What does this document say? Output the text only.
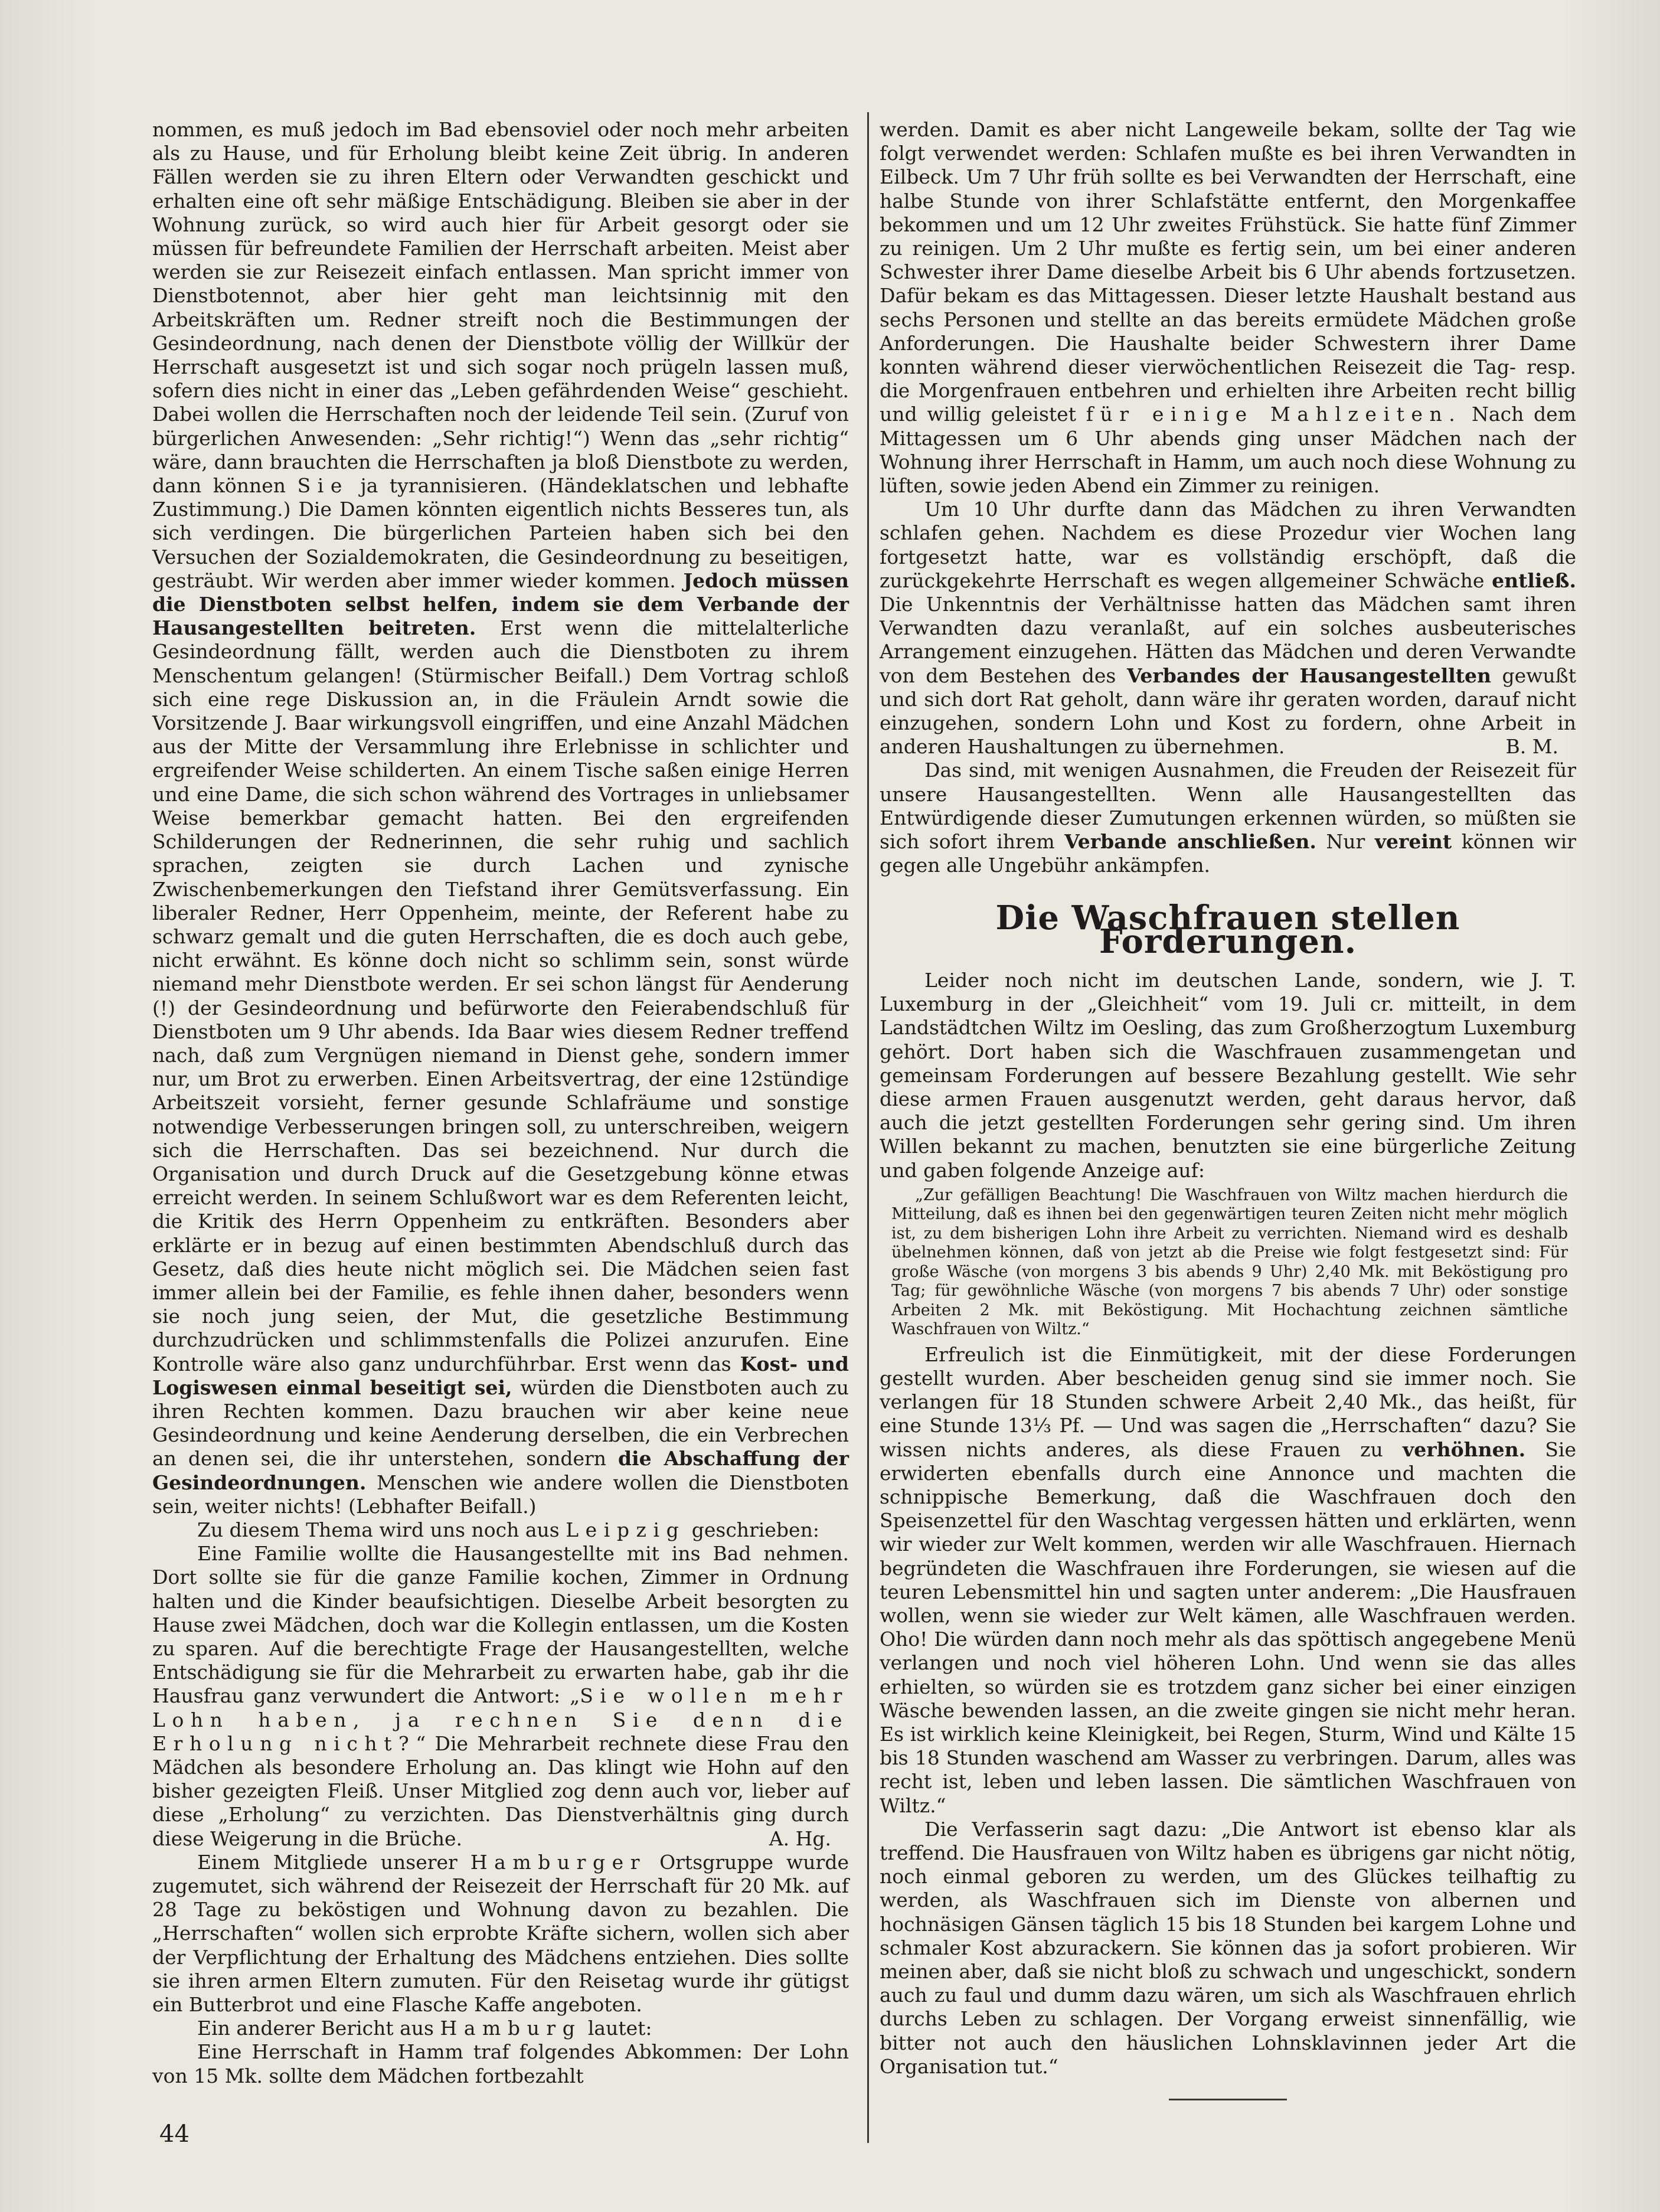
nommen, es muß jedoch im Bad ebensoviel oder noch mehr arbeiten als zu Hause, und für Erholung bleibt keine Zeit übrig. In anderen Fällen werden sie zu ihren Eltern oder Verwandten geschickt und erhalten eine oft sehr mäßige Entschädigung. Bleiben sie aber in der Wohnung zurück, so wird auch hier für Arbeit gesorgt oder sie müssen für befreundete Familien der Herrschaft arbeiten. Meist aber werden sie zur Reisezeit einfach entlassen. Man spricht immer von Dienstbotennot, aber hier geht man leichtsinnig mit den Arbeitskräften um. Redner streift noch die Bestimmungen der Gesindeordnung, nach denen der Dienstbote völlig der Willkür der Herrschaft ausgesetzt ist und sich sogar noch prügeln lassen muß, sofern dies nicht in einer das „Leben gefährdenden Weise“ geschieht. Dabei wollen die Herrschaften noch der leidende Teil sein. (Zuruf von bürgerlichen Anwesenden: „Sehr richtig!“) Wenn das „sehr richtig“ wäre, dann brauchten die Herrschaften ja bloß Dienstbote zu werden, dann können Sie ja tyrannisieren. (Händeklatschen und lebhafte Zustimmung.) Die Damen könnten eigentlich nichts Besseres tun, als sich verdingen. Die bürgerlichen Parteien haben sich bei den Versuchen der Sozialdemokraten, die Gesindeordnung zu beseitigen, gesträubt. Wir werden aber immer wieder kommen. Jedoch müssen die Dienstboten selbst helfen, indem sie dem Verbande der Hausangestellten beitreten. Erst wenn die mittelalterliche Gesindeordnung fällt, werden auch die Dienstboten zu ihrem Menschentum gelangen! (Stürmischer Beifall.) Dem Vortrag schloß sich eine rege Diskussion an, in die Fräulein Arndt sowie die Vorsitzende J. Baar wirkungsvoll eingriffen, und eine Anzahl Mädchen aus der Mitte der Versammlung ihre Erlebnisse in schlichter und ergreifender Weise schilderten. An einem Tische saßen einige Herren und eine Dame, die sich schon während des Vortrages in unliebsamer Weise bemerkbar gemacht hatten. Bei den ergreifenden Schilderungen der Rednerinnen, die sehr ruhig und sachlich sprachen, zeigten sie durch Lachen und zynische Zwischenbemerkungen den Tiefstand ihrer Gemütsverfassung. Ein liberaler Redner, Herr Oppenheim, meinte, der Referent habe zu schwarz gemalt und die guten Herrschaften, die es doch auch gebe, nicht erwähnt. Es könne doch nicht so schlimm sein, sonst würde niemand mehr Dienstbote werden. Er sei schon längst für Aenderung (!) der Gesindeordnung und befürworte den Feierabendschluß für Dienstboten um 9 Uhr abends. Ida Baar wies diesem Redner treffend nach, daß zum Vergnügen niemand in Dienst gehe, sondern immer nur, um Brot zu erwerben. Einen Arbeitsvertrag, der eine 12stündige Arbeitszeit vorsieht, ferner gesunde Schlafräume und sonstige notwendige Verbesserungen bringen soll, zu unterschreiben, weigern sich die Herrschaften. Das sei bezeichnend. Nur durch die Organisation und durch Druck auf die Gesetzgebung könne etwas erreicht werden. In seinem Schlußwort war es dem Referenten leicht, die Kritik des Herrn Oppenheim zu entkräften. Besonders aber erklärte er in bezug auf einen bestimmten Abendschluß durch das Gesetz, daß dies heute nicht möglich sei. Die Mädchen seien fast immer allein bei der Familie, es fehle ihnen daher, besonders wenn sie noch jung seien, der Mut, die gesetzliche Bestimmung durchzudrücken und schlimmstenfalls die Polizei anzurufen. Eine Kontrolle wäre also ganz undurchführbar. Erst wenn das Kost- und Logiswesen einmal beseitigt sei, würden die Dienstboten auch zu ihren Rechten kommen. Dazu brauchen wir aber keine neue Gesindeordnung und keine Aenderung derselben, die ein Verbrechen an denen sei, die ihr unterstehen, sondern die Abschaffung der Gesindeordnungen. Menschen wie andere wollen die Dienstboten sein, weiter nichts! (Lebhafter Beifall.)

Zu diesem Thema wird uns noch aus Leipzig geschrieben:

Eine Familie wollte die Hausangestellte mit ins Bad nehmen. Dort sollte sie für die ganze Familie kochen, Zimmer in Ordnung halten und die Kinder beaufsichtigen. Dieselbe Arbeit besorgten zu Hause zwei Mädchen, doch war die Kollegin entlassen, um die Kosten zu sparen. Auf die berechtigte Frage der Hausangestellten, welche Entschädigung sie für die Mehrarbeit zu erwarten habe, gab ihr die Hausfrau ganz verwundert die Antwort: „Sie wollen mehr Lohn haben, ja rechnen Sie denn die Erholung nicht?“ Die Mehrarbeit rechnete diese Frau den Mädchen als besondere Erholung an. Das klingt wie Hohn auf den bisher gezeigten Fleiß. Unser Mitglied zog denn auch vor, lieber auf diese „Erholung“ zu verzichten. Das Dienstverhältnis ging durch diese Weigerung in die Brüche.	A. Hg.

Einem Mitgliede unserer Hamburger Ortsgruppe wurde zugemutet, sich während der Reisezeit der Herrschaft für 20 Mk. auf 28 Tage zu beköstigen und Wohnung davon zu bezahlen. Die „Herrschaften“ wollen sich erprobte Kräfte sichern, wollen sich aber der Verpflichtung der Erhaltung des Mädchens entziehen. Dies sollte sie ihren armen Eltern zumuten. Für den Reisetag wurde ihr gütigst ein Butterbrot und eine Flasche Kaffe angeboten.

Ein anderer Bericht aus Hamburg lautet:

Eine Herrschaft in Hamm traf folgendes Abkommen: Der Lohn von 15 Mk. sollte dem Mädchen fortbezahlt

werden. Damit es aber nicht Langeweile bekam, sollte der Tag wie folgt verwendet werden: Schlafen mußte es bei ihren Verwandten in Eilbeck. Um 7 Uhr früh sollte es bei Verwandten der Herrschaft, eine halbe Stunde von ihrer Schlafstätte entfernt, den Morgenkaffee bekommen und um 12 Uhr zweites Frühstück. Sie hatte fünf Zimmer zu reinigen. Um 2 Uhr mußte es fertig sein, um bei einer anderen Schwester ihrer Dame dieselbe Arbeit bis 6 Uhr abends fortzusetzen. Dafür bekam es das Mittagessen. Dieser letzte Haushalt bestand aus sechs Personen und stellte an das bereits ermüdete Mädchen große Anforderungen. Die Haushalte beider Schwestern ihrer Dame konnten während dieser vierwöchentlichen Reisezeit die Tag- resp. die Morgenfrauen entbehren und erhielten ihre Arbeiten recht billig und willig geleistet für einige Mahlzeiten. Nach dem Mittagessen um 6 Uhr abends ging unser Mädchen nach der Wohnung ihrer Herrschaft in Hamm, um auch noch diese Wohnung zu lüften, sowie jeden Abend ein Zimmer zu reinigen.

Um 10 Uhr durfte dann das Mädchen zu ihren Verwandten schlafen gehen. Nachdem es diese Prozedur vier Wochen lang fortgesetzt hatte, war es vollständig erschöpft, daß die zurückgekehrte Herrschaft es wegen allgemeiner Schwäche entließ. Die Unkenntnis der Verhältnisse hatten das Mädchen samt ihren Verwandten dazu veranlaßt, auf ein solches ausbeuterisches Arrangement einzugehen. Hätten das Mädchen und deren Verwandte von dem Bestehen des Verbandes der Hausangestellten gewußt und sich dort Rat geholt, dann wäre ihr geraten worden, darauf nicht einzugehen, sondern Lohn und Kost zu fordern, ohne Arbeit in anderen Haushaltungen zu übernehmen.	B. M.

Das sind, mit wenigen Ausnahmen, die Freuden der Reisezeit für unsere Hausangestellten. Wenn alle Hausangestellten das Entwürdigende dieser Zumutungen erkennen würden, so müßten sie sich sofort ihrem Verbande anschließen. Nur vereint können wir gegen alle Ungebühr ankämpfen.

Die Waschfrauen stellen Forderungen.

Leider noch nicht im deutschen Lande, sondern, wie J. T. Luxemburg in der „Gleichheit“ vom 19. Juli cr. mitteilt, in dem Landstädtchen Wiltz im Oesling, das zum Großherzogtum Luxemburg gehört. Dort haben sich die Waschfrauen zusammengetan und gemeinsam Forderungen auf bessere Bezahlung gestellt. Wie sehr diese armen Frauen ausgenutzt werden, geht daraus hervor, daß auch die jetzt gestellten Forderungen sehr gering sind. Um ihren Willen bekannt zu machen, benutzten sie eine bürgerliche Zeitung und gaben folgende Anzeige auf:

„Zur gefälligen Beachtung! Die Waschfrauen von Wiltz machen hierdurch die Mitteilung, daß es ihnen bei den gegenwärtigen teuren Zeiten nicht mehr möglich ist, zu dem bisherigen Lohn ihre Arbeit zu verrichten. Niemand wird es deshalb übelnehmen können, daß von jetzt ab die Preise wie folgt festgesetzt sind: Für große Wäsche (von morgens 3 bis abends 9 Uhr) 2,40 Mk. mit Beköstigung pro Tag; für gewöhnliche Wäsche (von morgens 7 bis abends 7 Uhr) oder sonstige Arbeiten 2 Mk. mit Beköstigung. Mit Hochachtung zeichnen sämtliche Waschfrauen von Wiltz.“

Erfreulich ist die Einmütigkeit, mit der diese Forderungen gestellt wurden. Aber bescheiden genug sind sie immer noch. Sie verlangen für 18 Stunden schwere Arbeit 2,40 Mk., das heißt, für eine Stunde 13⅓ Pf. — Und was sagen die „Herrschaften“ dazu? Sie wissen nichts anderes, als diese Frauen zu verhöhnen. Sie erwiderten ebenfalls durch eine Annonce und machten die schnippische Bemerkung, daß die Waschfrauen doch den Speisenzettel für den Waschtag vergessen hätten und erklärten, wenn wir wieder zur Welt kommen, werden wir alle Waschfrauen. Hiernach begründeten die Waschfrauen ihre Forderungen, sie wiesen auf die teuren Lebensmittel hin und sagten unter anderem: „Die Hausfrauen wollen, wenn sie wieder zur Welt kämen, alle Waschfrauen werden. Oho! Die würden dann noch mehr als das spöttisch angegebene Menü verlangen und noch viel höheren Lohn. Und wenn sie das alles erhielten, so würden sie es trotzdem ganz sicher bei einer einzigen Wäsche bewenden lassen, an die zweite gingen sie nicht mehr heran. Es ist wirklich keine Kleinigkeit, bei Regen, Sturm, Wind und Kälte 15 bis 18 Stunden waschend am Wasser zu verbringen. Darum, alles was recht ist, leben und leben lassen. Die sämtlichen Waschfrauen von Wiltz.“

Die Verfasserin sagt dazu: „Die Antwort ist ebenso klar als treffend. Die Hausfrauen von Wiltz haben es übrigens gar nicht nötig, noch einmal geboren zu werden, um des Glückes teilhaftig zu werden, als Waschfrauen sich im Dienste von albernen und hochnäsigen Gänsen täglich 15 bis 18 Stunden bei kargem Lohne und schmaler Kost abzurackern. Sie können das ja sofort probieren. Wir meinen aber, daß sie nicht bloß zu schwach und ungeschickt, sondern auch zu faul und dumm dazu wären, um sich als Waschfrauen ehrlich durchs Leben zu schlagen. Der Vorgang erweist sinnenfällig, wie bitter not auch den häuslichen Lohnsklavinnen jeder Art die Organisation tut.“

44
